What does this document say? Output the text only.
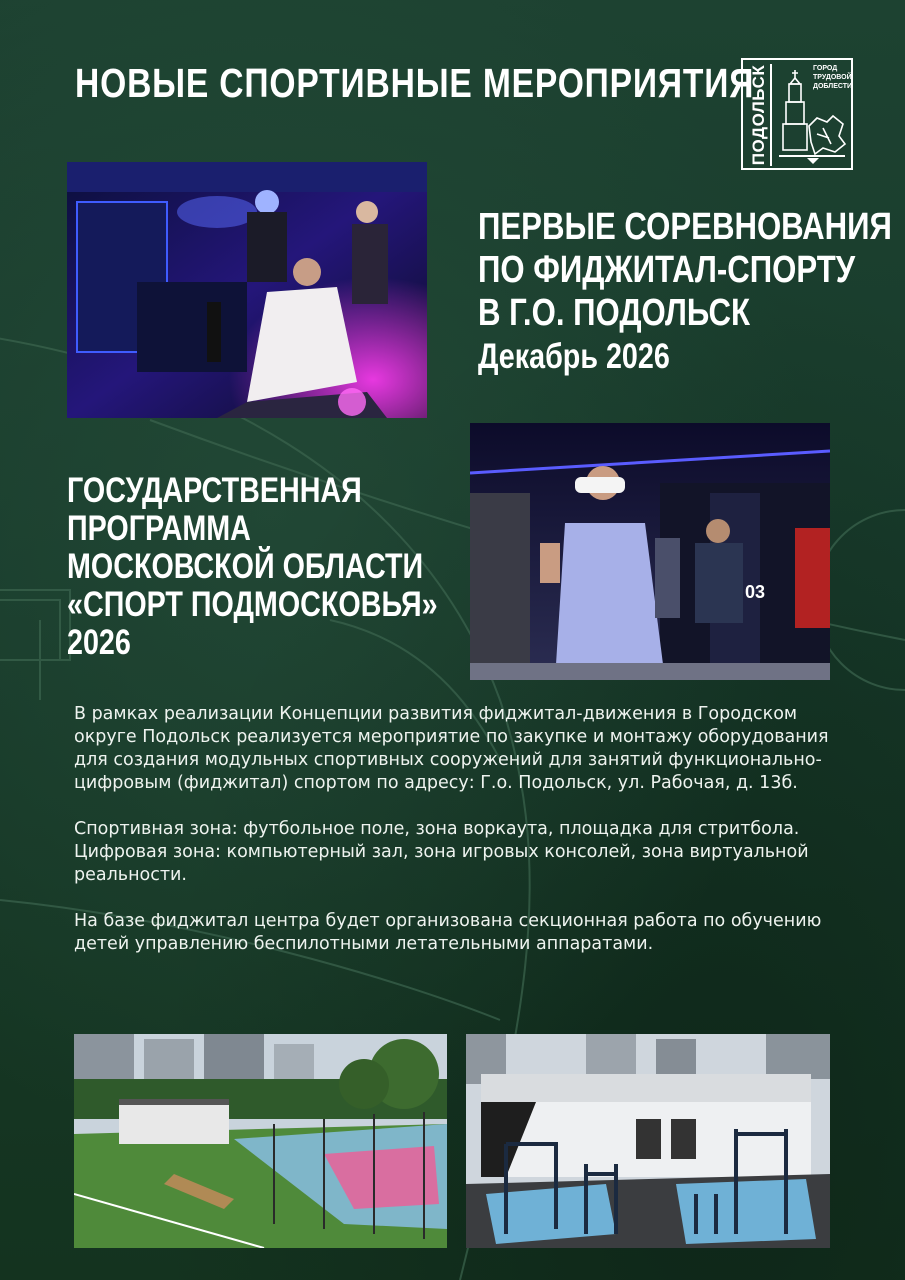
НОВЫЕ СПОРТИВНЫЕ МЕРОПРИЯТИЯ
ПОДОЛЬСК	ГОРОД
ТРУДОВОЙ
ДОБЛЕСТИ
ПЕРВЫЕ СОРЕВНОВАНИЯ
ПО ФИДЖИТАЛ-СПОРТУ
В Г.О. ПОДОЛЬСК
Декабрь 2026
ГОСУДАРСТВЕННАЯ
ПРОГРАММА
МОСКОВСКОЙ ОБЛАСТИ
«СПОРТ ПОДМОСКОВЬЯ»
2026
03

В рамках реализации Концепции развития фиджитал-движения в Городском округе Подольск реализуется мероприятие по закупке и монтажу оборудования для создания модульных спортивных сооружений для занятий функционально-цифровым (фиджитал) спортом по адресу: Г.о. Подольск, ул. Рабочая, д. 13б.

Спортивная зона: футбольное поле, зона воркаута, площадка для стритбола.

Цифровая зона: компьютерный зал, зона игровых консолей, зона виртуальной реальности.

На базе фиджитал центра будет организована секционная работа по обучению детей управлению беспилотными летательными аппаратами.
